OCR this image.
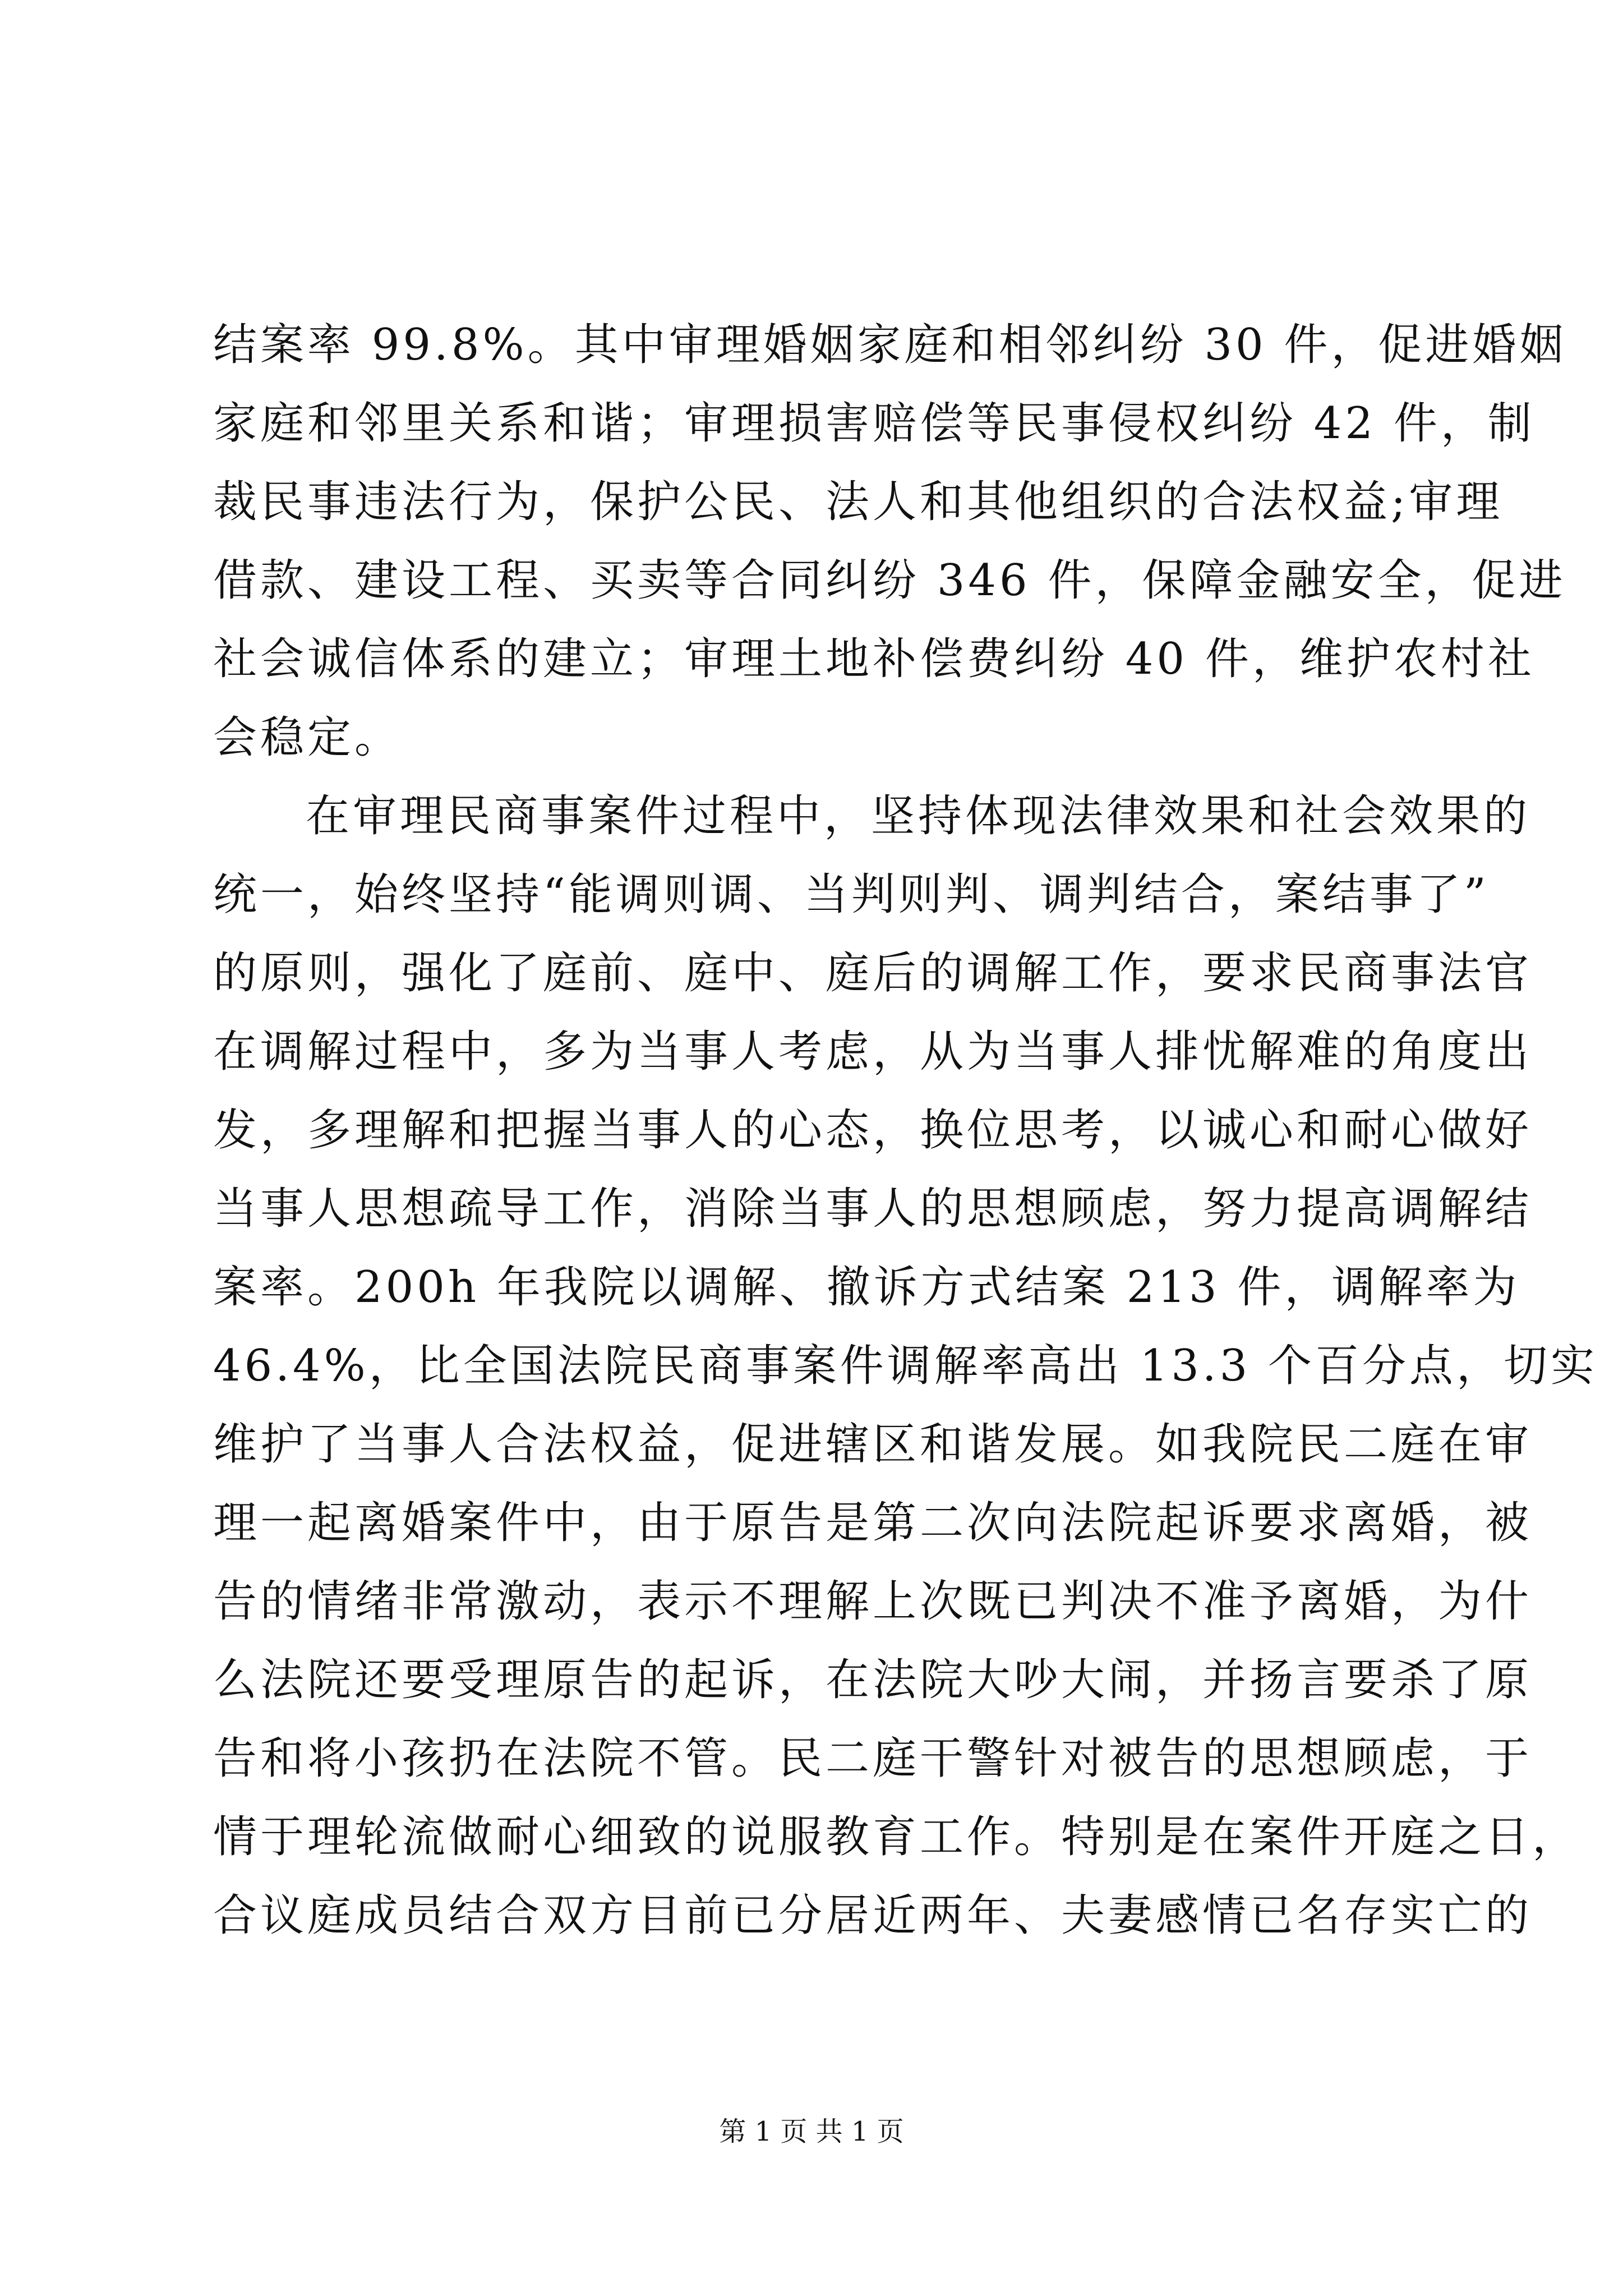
结案率 99.8%。其中审理婚姻家庭和相邻纠纷 30 件，促进婚姻
家庭和邻里关系和谐；审理损害赔偿等民事侵权纠纷 42 件，制
裁民事违法行为，保护公民、法人和其他组织的合法权益;审理
借款、建设工程、买卖等合同纠纷 346 件，保障金融安全，促进
社会诚信体系的建立；审理土地补偿费纠纷 40 件，维护农村社
会稳定。
在审理民商事案件过程中，坚持体现法律效果和社会效果的
统一，始终坚持“能调则调、当判则判、调判结合，案结事了”
的原则，强化了庭前、庭中、庭后的调解工作，要求民商事法官
在调解过程中，多为当事人考虑，从为当事人排忧解难的角度出
发，多理解和把握当事人的心态，换位思考，以诚心和耐心做好
当事人思想疏导工作，消除当事人的思想顾虑，努力提高调解结
案率。200h 年我院以调解、撤诉方式结案 213 件，调解率为
46.4%，比全国法院民商事案件调解率高出 13.3 个百分点，切实
维护了当事人合法权益，促进辖区和谐发展。如我院民二庭在审
理一起离婚案件中，由于原告是第二次向法院起诉要求离婚，被
告的情绪非常激动，表示不理解上次既已判决不准予离婚，为什
么法院还要受理原告的起诉，在法院大吵大闹，并扬言要杀了原
告和将小孩扔在法院不管。民二庭干警针对被告的思想顾虑，于
情于理轮流做耐心细致的说服教育工作。特别是在案件开庭之日，
合议庭成员结合双方目前已分居近两年、夫妻感情已名存实亡的
第 1 页 共 1 页
